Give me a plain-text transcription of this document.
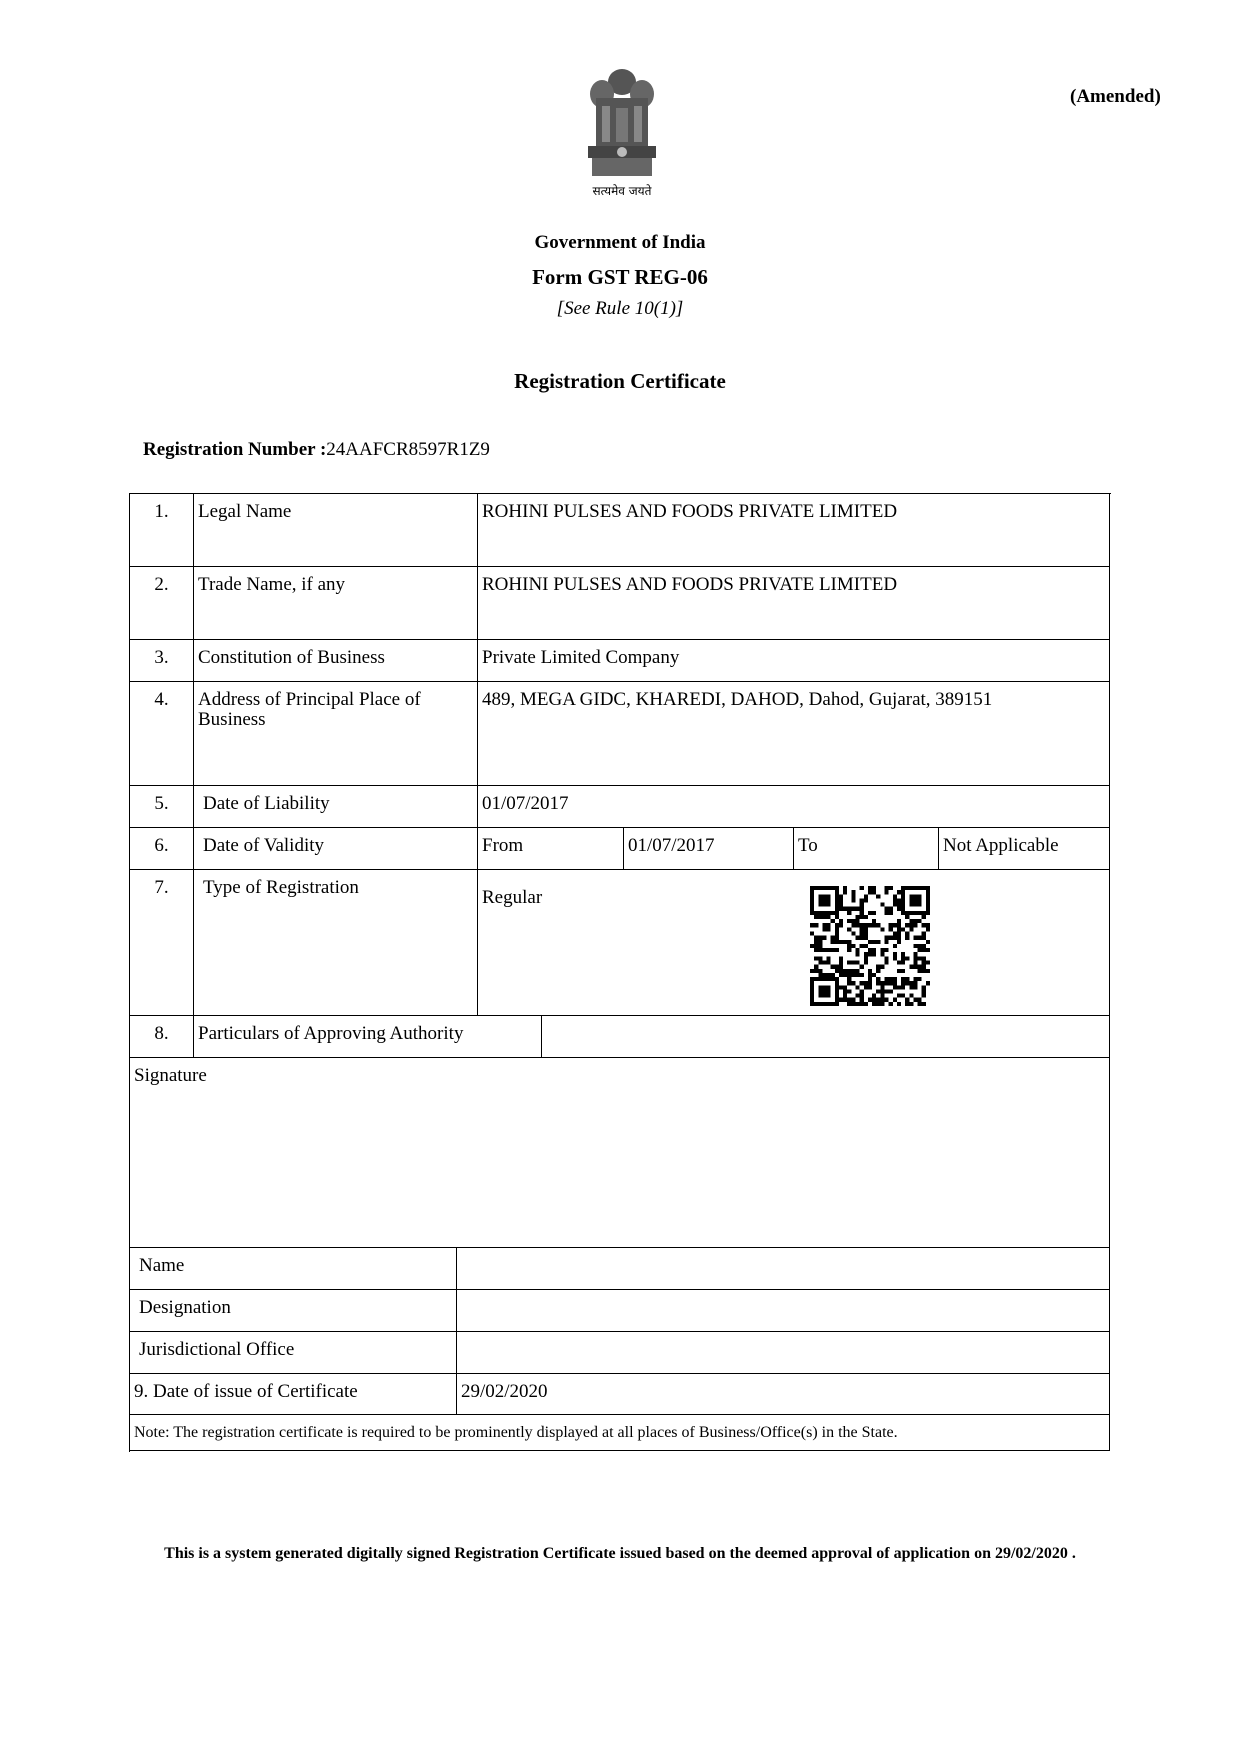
(Amended)
सत्यमेव जयते
Government of India
Form GST REG-06
[See Rule 10(1)]
Registration Certificate
Registration Number :24AAFCR8597R1Z9
1.	Legal Name	ROHINI PULSES AND FOODS PRIVATE LIMITED
2.	Trade Name, if any	ROHINI PULSES AND FOODS PRIVATE LIMITED
3.	Constitution of Business	Private Limited Company
4.	Address of Principal Place of Business
489, MEGA GIDC, KHAREDI, DAHOD, Dahod, Gujarat, 389151
5.	Date of Liability	01/07/2017
6.	Date of Validity	From	01/07/2017	To	Not Applicable
7.	Type of Registration	Regular
8.	Particulars of Approving Authority
Signature
Name
Designation
Jurisdictional Office
9. Date of issue of Certificate	29/02/2020
Note: The registration certificate is required to be prominently displayed at all places of Business/Office(s) in the State.
This is a system generated digitally signed Registration Certificate issued based on the deemed approval of application on 29/02/2020 .
